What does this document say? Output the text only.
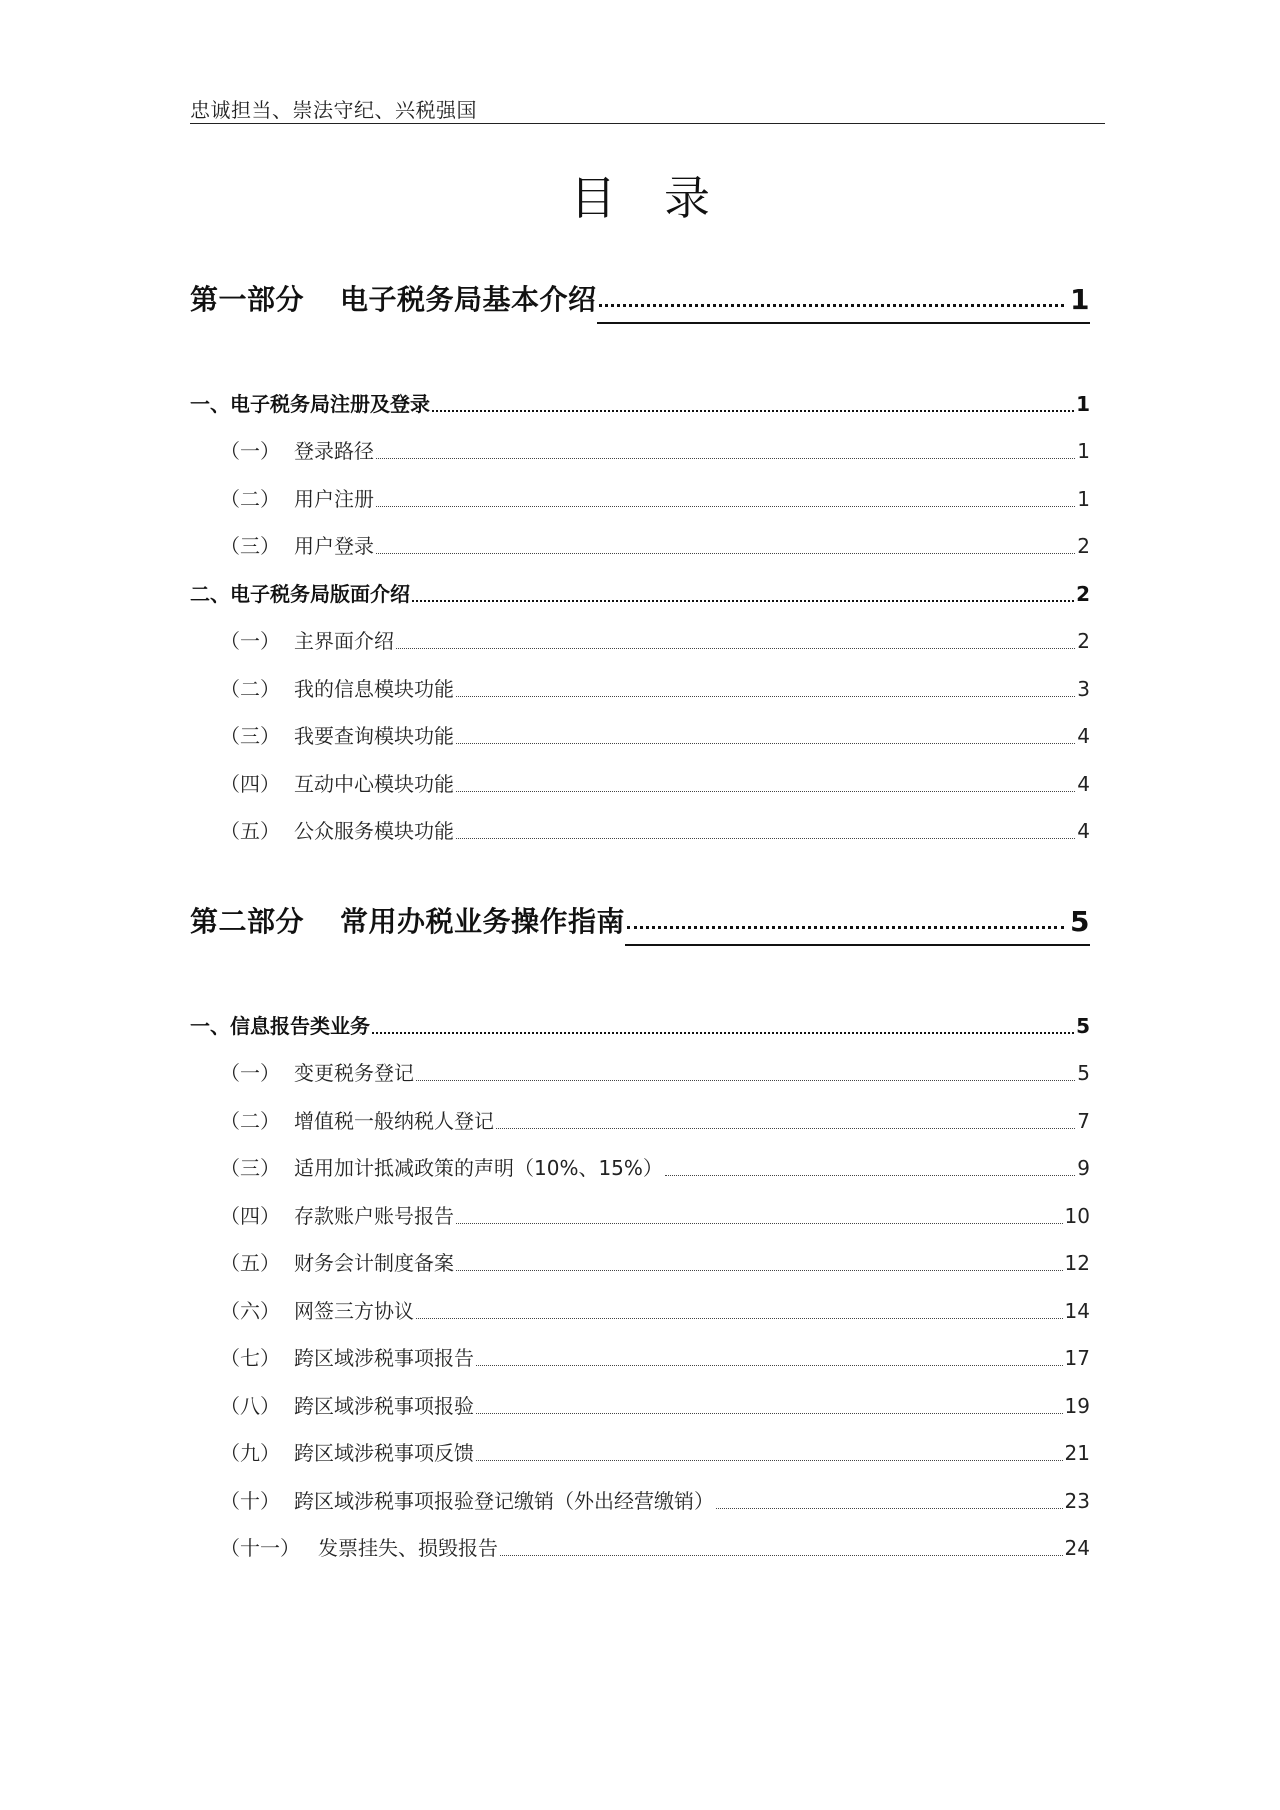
忠诚担当、崇法守纪、兴税强国
目录
第一部分 电子税务局基本介绍	1
一、电子税务局注册及登录	1
（一） 登录路径	1
（二） 用户注册	1
（三） 用户登录	2
二、电子税务局版面介绍	2
（一） 主界面介绍	2
（二） 我的信息模块功能	3
（三） 我要查询模块功能	4
（四） 互动中心模块功能	4
（五） 公众服务模块功能	4
第二部分 常用办税业务操作指南	5
一、信息报告类业务	5
（一） 变更税务登记	5
（二） 增值税一般纳税人登记	7
（三） 适用加计抵减政策的声明（10%、15%）	9
（四） 存款账户账号报告	10
（五） 财务会计制度备案	12
（六） 网签三方协议	14
（七） 跨区域涉税事项报告	17
（八） 跨区域涉税事项报验	19
（九） 跨区域涉税事项反馈	21
（十） 跨区域涉税事项报验登记缴销（外出经营缴销）	23
（十一） 发票挂失、损毁报告	24
